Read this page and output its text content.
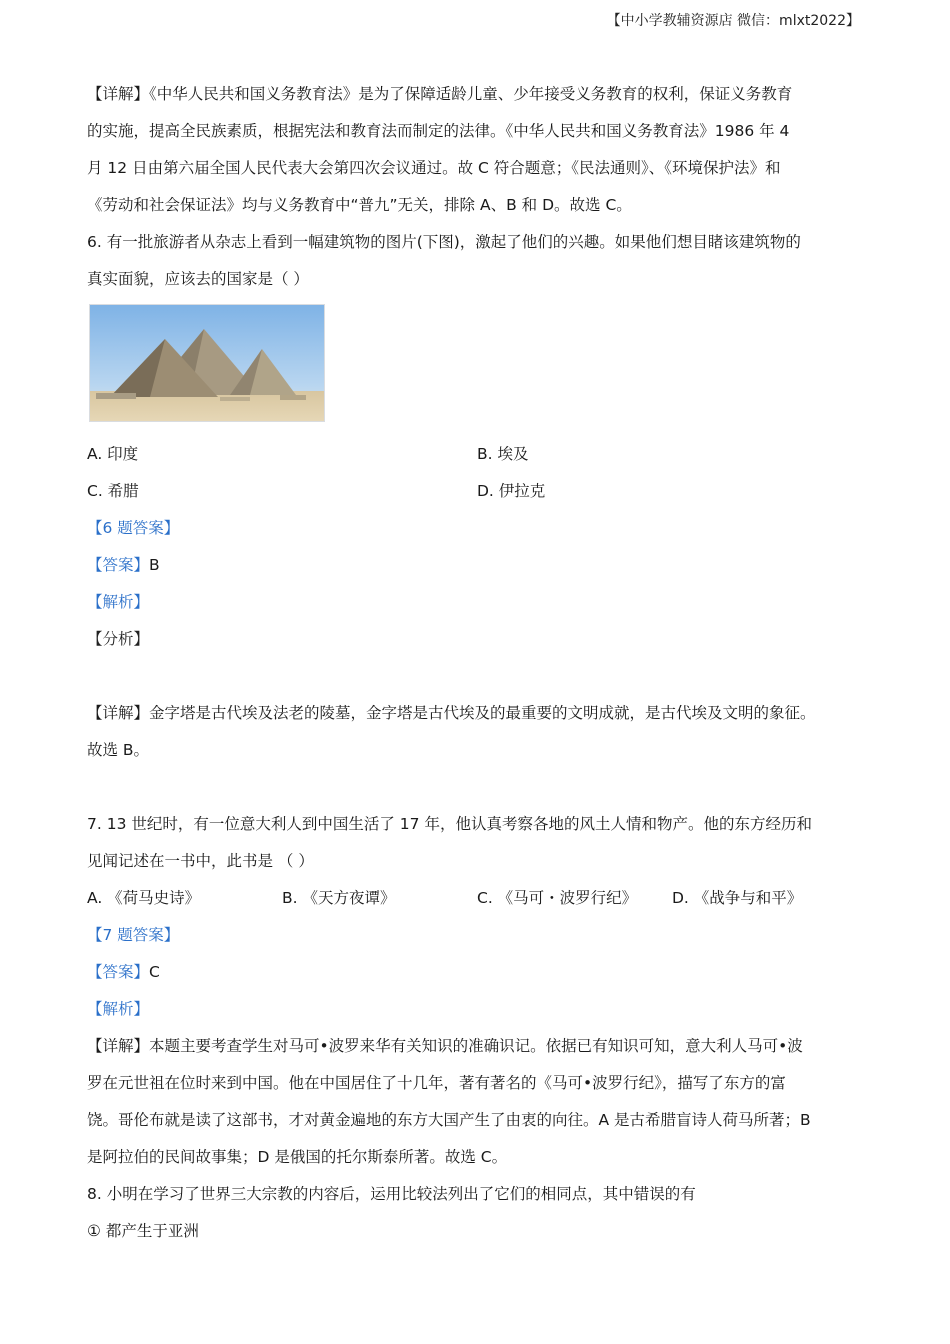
【中小学教辅资源店 微信：mlxt2022】
【详解】《中华人民共和国义务教育法》是为了保障适龄儿童、少年接受义务教育的权利，保证义务教育
的实施，提高全民族素质，根据宪法和教育法而制定的法律。《中华人民共和国义务教育法》1986 年 4
月 12 日由第六届全国人民代表大会第四次会议通过。故 C 符合题意；《民法通则》、《环境保护法》和
《劳动和社会保证法》均与义务教育中“普九”无关，排除 A、B 和 D。故选 C。
6. 有一批旅游者从杂志上看到一幅建筑物的图片(下图)，激起了他们的兴趣。如果他们想目睹该建筑物的
真实面貌，应该去的国家是（ ）
A. 印度	B. 埃及
C. 希腊	D. 伊拉克
【6 题答案】
【答案】B
【解析】
【分析】
【详解】金字塔是古代埃及法老的陵墓，金字塔是古代埃及的最重要的文明成就，是古代埃及文明的象征。
故选 B。
7. 13 世纪时，有一位意大利人到中国生活了 17 年，他认真考察各地的风土人情和物产。他的东方经历和
见闻记述在一书中，此书是 （ ）
A. 《荷马史诗》	B. 《天方夜谭》	C. 《马可・波罗行纪》	D. 《战争与和平》
【7 题答案】
【答案】C
【解析】
【详解】本题主要考查学生对马可•波罗来华有关知识的准确识记。依据已有知识可知，意大利人马可•波
罗在元世祖在位时来到中国。他在中国居住了十几年，著有著名的《马可•波罗行纪》，描写了东方的富
饶。哥伦布就是读了这部书，才对黄金遍地的东方大国产生了由衷的向往。A 是古希腊盲诗人荷马所著；B
是阿拉伯的民间故事集；D 是俄国的托尔斯泰所著。故选 C。
8. 小明在学习了世界三大宗教的内容后，运用比较法列出了它们的相同点，其中错误的有
① 都产生于亚洲
